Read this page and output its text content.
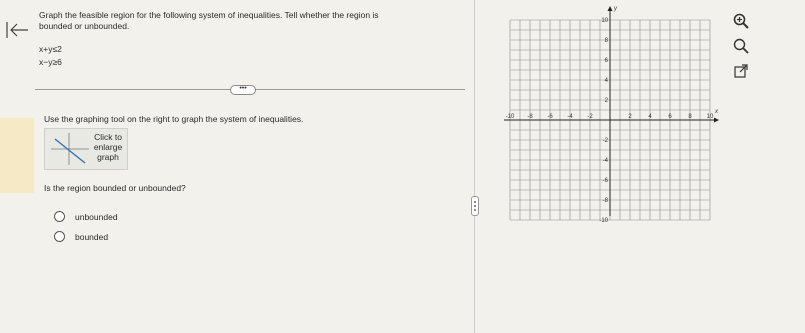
Graph the feasible region for the following system of inequalities. Tell whether the region is
bounded or unbounded.
x+y≤2
x−y≥6
•••
Use the graphing tool on the right to graph the system of inequalities.
Click to
enlarge
graph
Is the region bounded or unbounded?
unbounded
bounded
-10 -8 -6 -4 -2	2	4	6	8 10
10
8
6
4
2
-2
-4
-6
-8
-10
x
y
